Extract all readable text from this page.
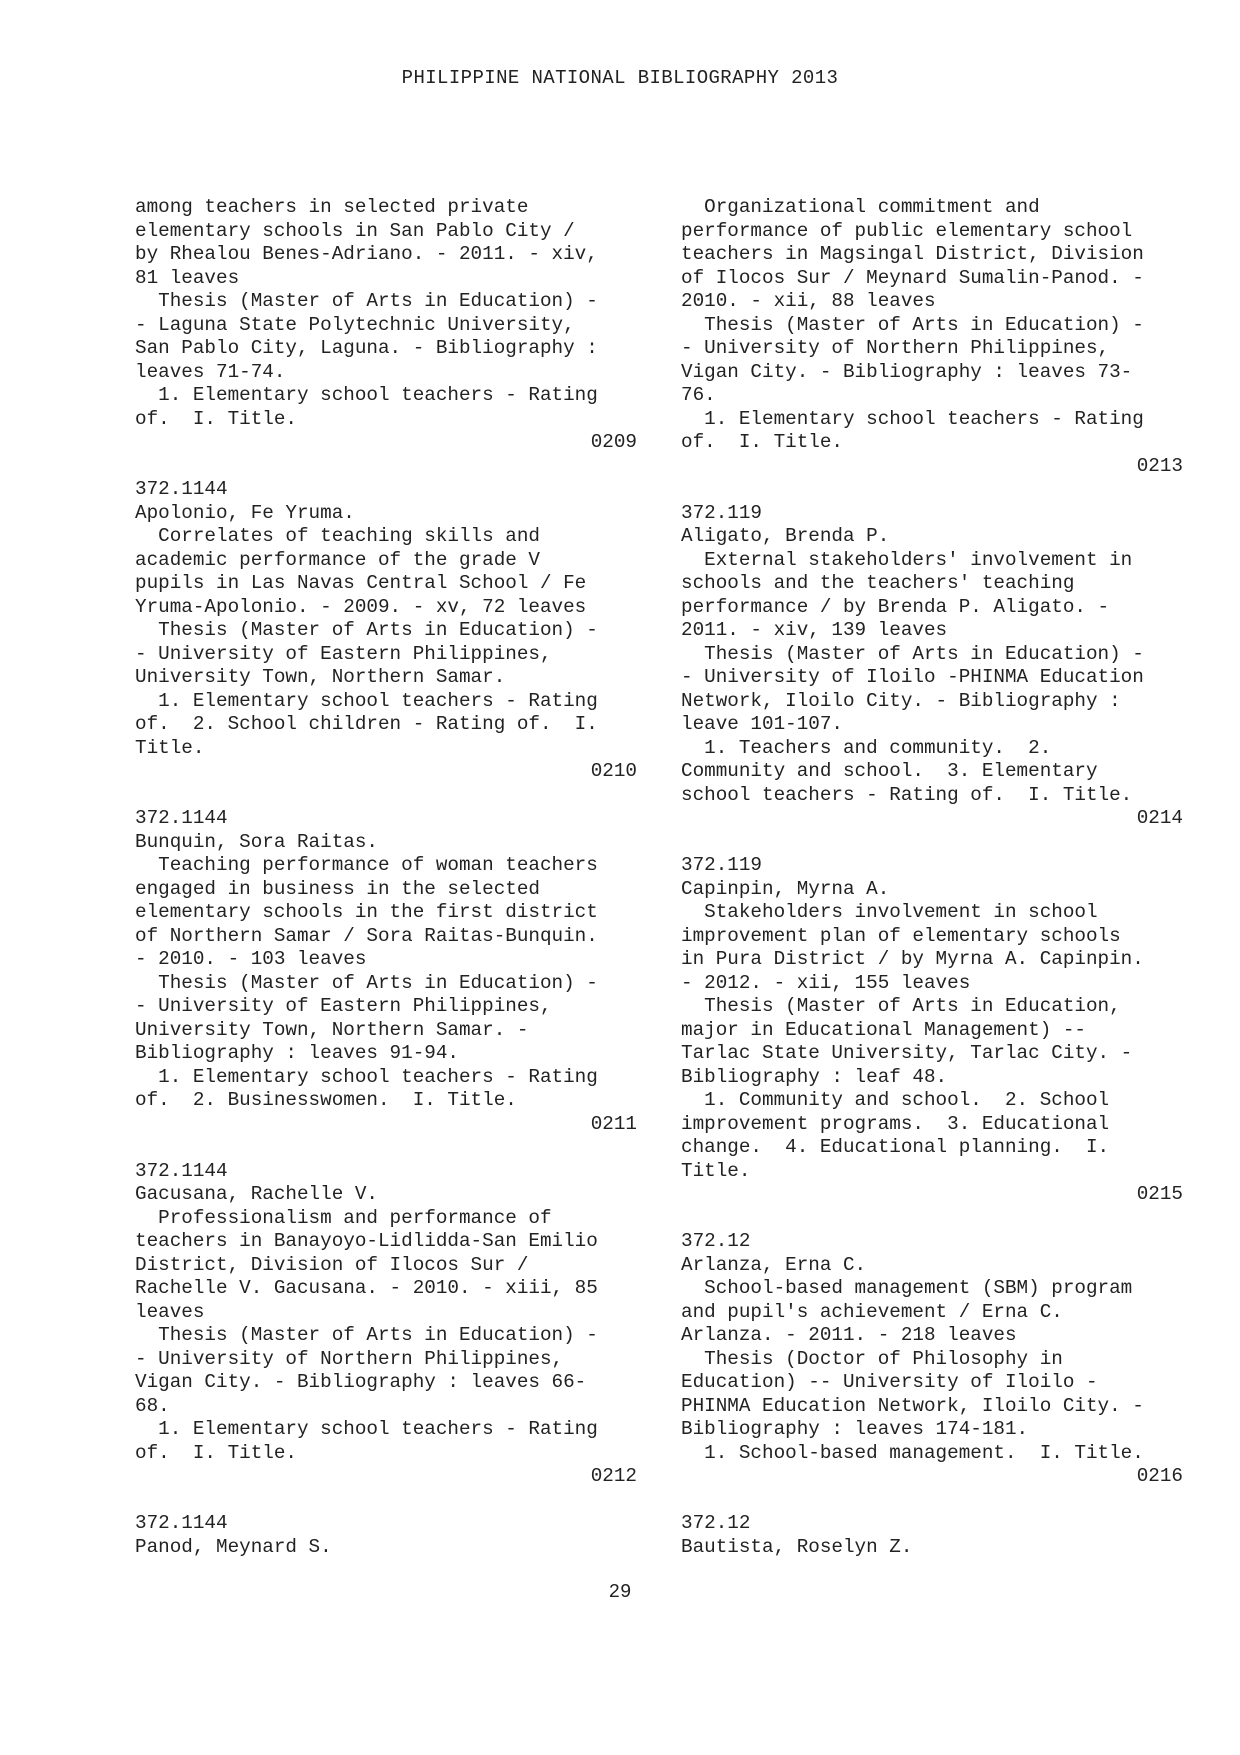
PHILIPPINE NATIONAL BIBLIOGRAPHY 2013
among teachers in selected private
elementary schools in San Pablo City /
by Rhealou Benes-Adriano. - 2011. - xiv,
81 leaves
Thesis (Master of Arts in Education) -
- Laguna State Polytechnic University,
San Pablo City, Laguna. - Bibliography :
leaves 71-74.
1. Elementary school teachers - Rating
of.  I. Title.
0209
372.1144
Apolonio, Fe Yruma.
Correlates of teaching skills and
academic performance of the grade V
pupils in Las Navas Central School / Fe
Yruma-Apolonio. - 2009. - xv, 72 leaves
Thesis (Master of Arts in Education) -
- University of Eastern Philippines,
University Town, Northern Samar.
1. Elementary school teachers - Rating
of.  2. School children - Rating of.  I.
Title.
0210
372.1144
Bunquin, Sora Raitas.
Teaching performance of woman teachers
engaged in business in the selected
elementary schools in the first district
of Northern Samar / Sora Raitas-Bunquin.
- 2010. - 103 leaves
Thesis (Master of Arts in Education) -
- University of Eastern Philippines,
University Town, Northern Samar. -
Bibliography : leaves 91-94.
1. Elementary school teachers - Rating
of.  2. Businesswomen.  I. Title.
0211
372.1144
Gacusana, Rachelle V.
Professionalism and performance of
teachers in Banayoyo-Lidlidda-San Emilio
District, Division of Ilocos Sur /
Rachelle V. Gacusana. - 2010. - xiii, 85
leaves
Thesis (Master of Arts in Education) -
- University of Northern Philippines,
Vigan City. - Bibliography : leaves 66-
68.
1. Elementary school teachers - Rating
of.  I. Title.
0212
372.1144
Panod, Meynard S.
Organizational commitment and
performance of public elementary school
teachers in Magsingal District, Division
of Ilocos Sur / Meynard Sumalin-Panod. -
2010. - xii, 88 leaves
Thesis (Master of Arts in Education) -
- University of Northern Philippines,
Vigan City. - Bibliography : leaves 73-
76.
1. Elementary school teachers - Rating
of.  I. Title.
0213
372.119
Aligato, Brenda P.
External stakeholders' involvement in
schools and the teachers' teaching
performance / by Brenda P. Aligato. -
2011. - xiv, 139 leaves
Thesis (Master of Arts in Education) -
- University of Iloilo -PHINMA Education
Network, Iloilo City. - Bibliography :
leave 101-107.
1. Teachers and community.  2.
Community and school.  3. Elementary
school teachers - Rating of.  I. Title.
0214
372.119
Capinpin, Myrna A.
Stakeholders involvement in school
improvement plan of elementary schools
in Pura District / by Myrna A. Capinpin.
- 2012. - xii, 155 leaves
Thesis (Master of Arts in Education,
major in Educational Management) --
Tarlac State University, Tarlac City. -
Bibliography : leaf 48.
1. Community and school.  2. School
improvement programs.  3. Educational
change.  4. Educational planning.  I.
Title.
0215
372.12
Arlanza, Erna C.
School-based management (SBM) program
and pupil's achievement / Erna C.
Arlanza. - 2011. - 218 leaves
Thesis (Doctor of Philosophy in
Education) -- University of Iloilo -
PHINMA Education Network, Iloilo City. -
Bibliography : leaves 174-181.
1. School-based management.  I. Title.
0216
372.12
Bautista, Roselyn Z.
29
